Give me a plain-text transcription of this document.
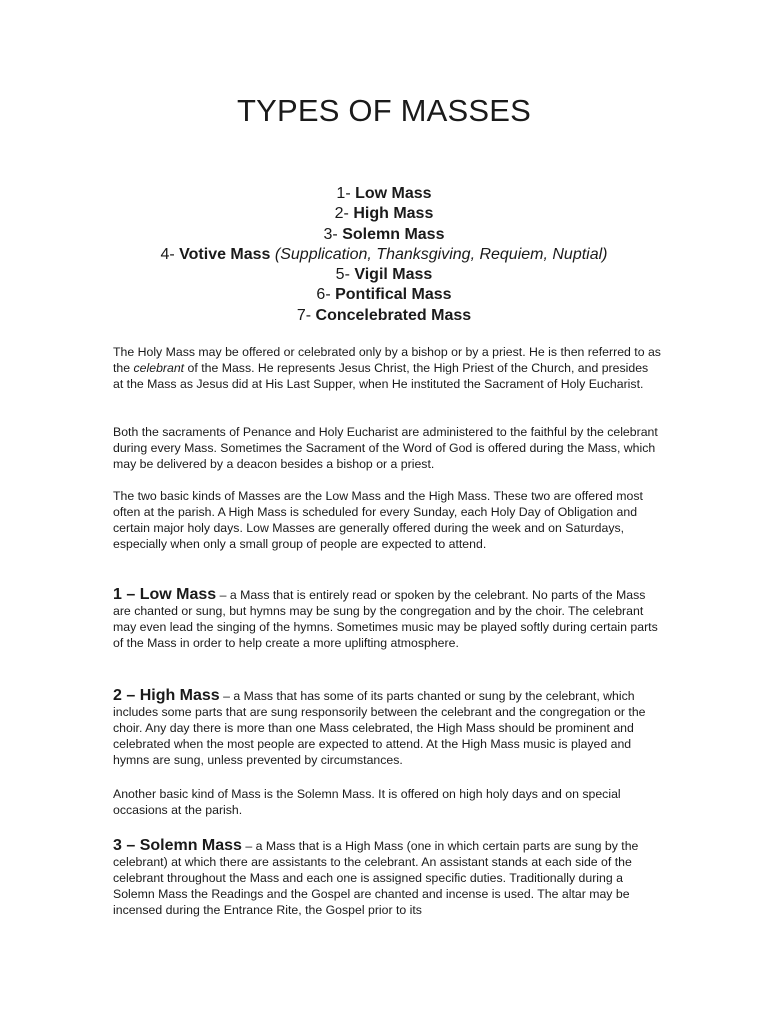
TYPES OF MASSES
1- Low Mass
2- High Mass
3- Solemn Mass
4- Votive Mass (Supplication, Thanksgiving, Requiem, Nuptial)
5- Vigil Mass
6- Pontifical Mass
7- Concelebrated Mass

The Holy Mass may be offered or celebrated only by a bishop or by a priest. He is then referred to as the celebrant of the Mass. He represents Jesus Christ, the High Priest of the Church, and presides at the Mass as Jesus did at His Last Supper, when He instituted the Sacrament of Holy Eucharist.

Both the sacraments of Penance and Holy Eucharist are administered to the faithful by the celebrant during every Mass. Sometimes the Sacrament of the Word of God is offered during the Mass, which may be delivered by a deacon besides a bishop or a priest.

The two basic kinds of Masses are the Low Mass and the High Mass. These two are offered most often at the parish. A High Mass is scheduled for every Sunday, each Holy Day of Obligation and certain major holy days. Low Masses are generally offered during the week and on Saturdays, especially when only a small group of people are expected to attend.

1 – Low Mass – a Mass that is entirely read or spoken by the celebrant. No parts of the Mass are chanted or sung, but hymns may be sung by the congregation and by the choir. The celebrant may even lead the singing of the hymns. Sometimes music may be played softly during certain parts of the Mass in order to help create a more uplifting atmosphere.

2 – High Mass – a Mass that has some of its parts chanted or sung by the celebrant, which includes some parts that are sung responsorily between the celebrant and the congregation or the choir. Any day there is more than one Mass celebrated, the High Mass should be prominent and celebrated when the most people are expected to attend. At the High Mass music is played and hymns are sung, unless prevented by circumstances.

Another basic kind of Mass is the Solemn Mass. It is offered on high holy days and on special occasions at the parish.

3 – Solemn Mass – a Mass that is a High Mass (one in which certain parts are sung by the celebrant) at which there are assistants to the celebrant. An assistant stands at each side of the celebrant throughout the Mass and each one is assigned specific duties. Traditionally during a Solemn Mass the Readings and the Gospel are chanted and incense is used. The altar may be incensed during the Entrance Rite, the Gospel prior to its
